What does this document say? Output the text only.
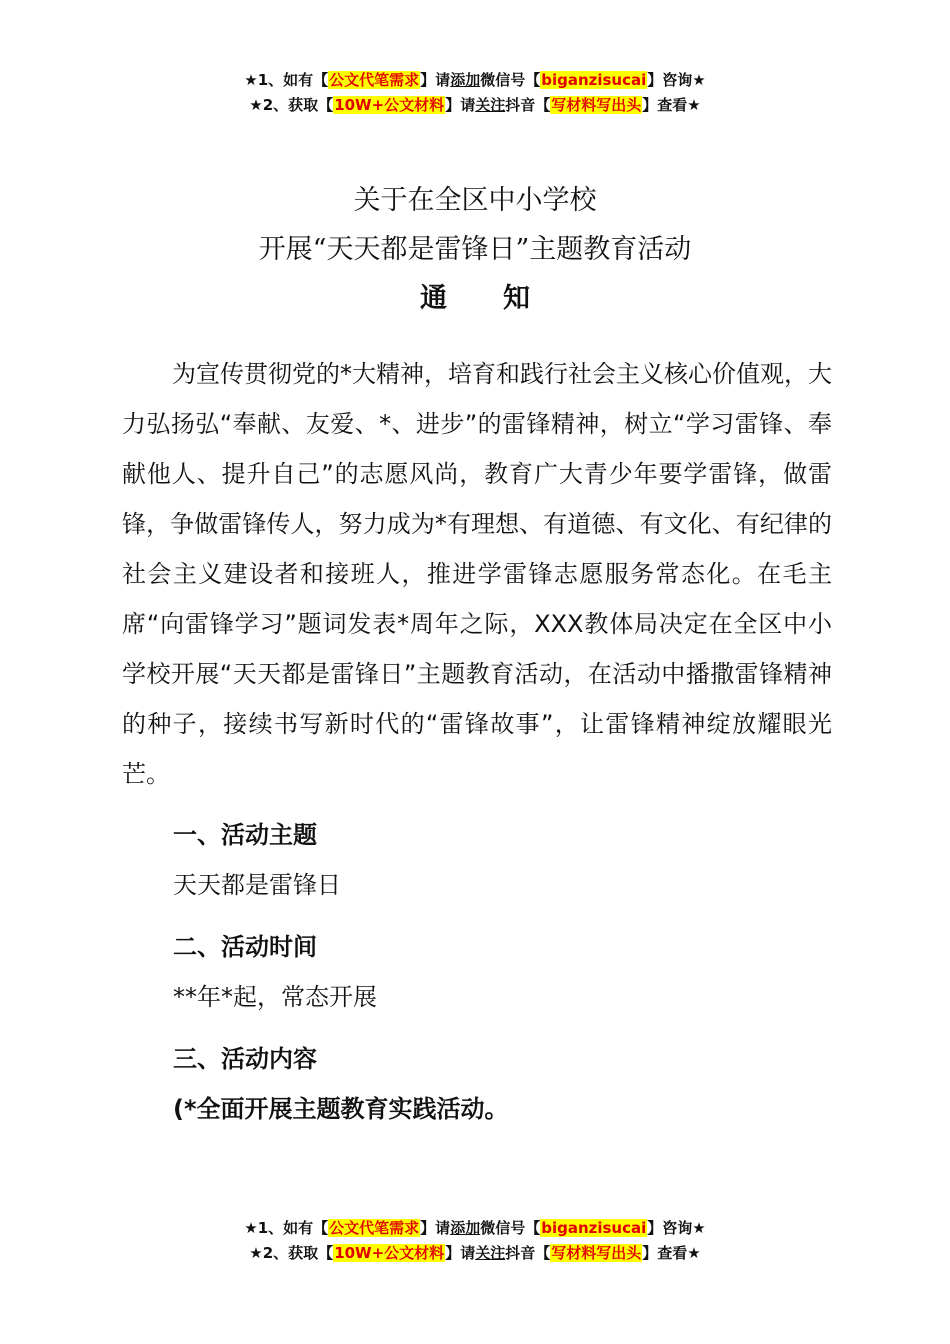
★1、如有【公文代笔需求】请添加微信号【biganzisucai】咨询★
★2、获取【10W+公文材料】请关注抖音【写材料写出头】查看★
关于在全区中小学校
开展“天天都是雷锋日”主题教育活动
通 知
为宣传贯彻党的*大精神，培育和践行社会主义核心价值观，大力弘扬弘“奉献、友爱、*、进步”的雷锋精神，树立“学习雷锋、奉献他人、提升自己”的志愿风尚，教育广大青少年要学雷锋，做雷锋，争做雷锋传人，努力成为*有理想、有道德、有文化、有纪律的社会主义建设者和接班人，推进学雷锋志愿服务常态化。在毛主席“向雷锋学习”题词发表*周年之际，XXX教体局决定在全区中小学校开展“天天都是雷锋日”主题教育活动，在活动中播撒雷锋精神的种子，接续书写新时代的“雷锋故事”，让雷锋精神绽放耀眼光芒。
一、活动主题
天天都是雷锋日
二、活动时间
**年*起，常态开展
三、活动内容
(*全面开展主题教育实践活动。
★1、如有【公文代笔需求】请添加微信号【biganzisucai】咨询★
★2、获取【10W+公文材料】请关注抖音【写材料写出头】查看★
